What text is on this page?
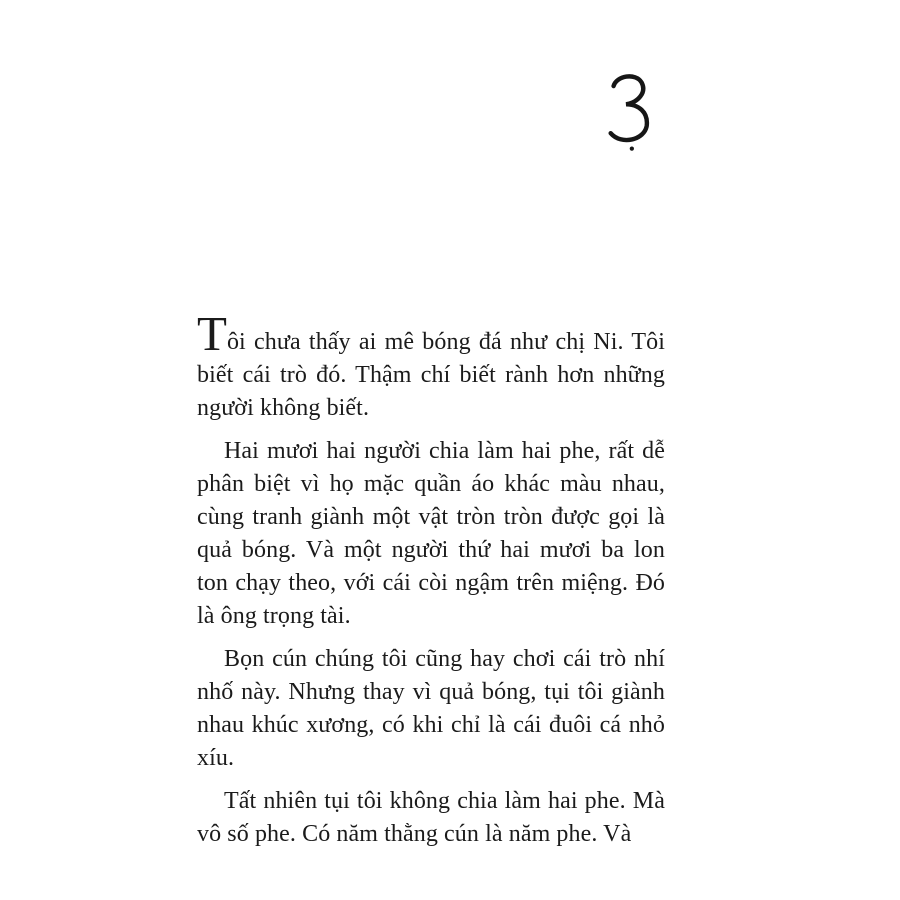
Tôi chưa thấy ai mê bóng đá như chị Ni. Tôi
biết cái trò đó. Thậm chí biết rành hơn những
người không biết.
Hai mươi hai người chia làm hai phe, rất dễ
phân biệt vì họ mặc quần áo khác màu nhau,
cùng tranh giành một vật tròn tròn được gọi là
quả bóng. Và một người thứ hai mươi ba lon
ton chạy theo, với cái còi ngậm trên miệng. Đó
là ông trọng tài.
Bọn cún chúng tôi cũng hay chơi cái trò nhí
nhố này. Nhưng thay vì quả bóng, tụi tôi giành
nhau khúc xương, có khi chỉ là cái đuôi cá nhỏ
xíu.
Tất nhiên tụi tôi không chia làm hai phe. Mà
vô số phe. Có năm thằng cún là năm phe. Và
